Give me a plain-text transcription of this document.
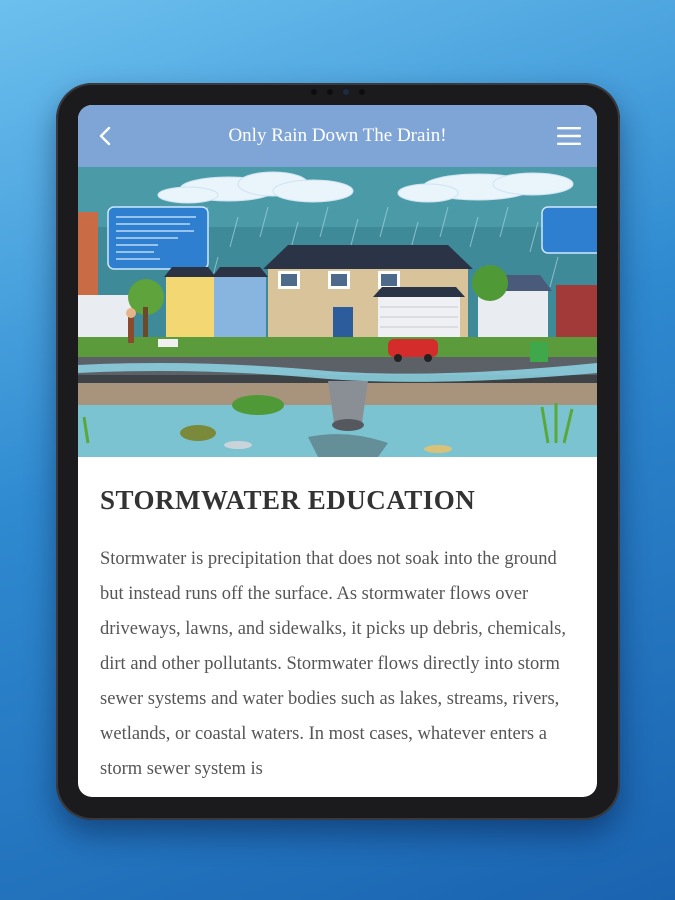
Only Rain Down The Drain!
STORMWATER EDUCATION

Stormwater is precipitation that does not soak into the ground but instead runs off the surface. As stormwater flows over driveways, lawns, and sidewalks, it picks up debris, chemicals, dirt and other pollutants. Stormwater flows directly into storm sewer systems and water bodies such as lakes, streams, rivers, wetlands, or coastal waters. In most cases, whatever enters a storm sewer system is
